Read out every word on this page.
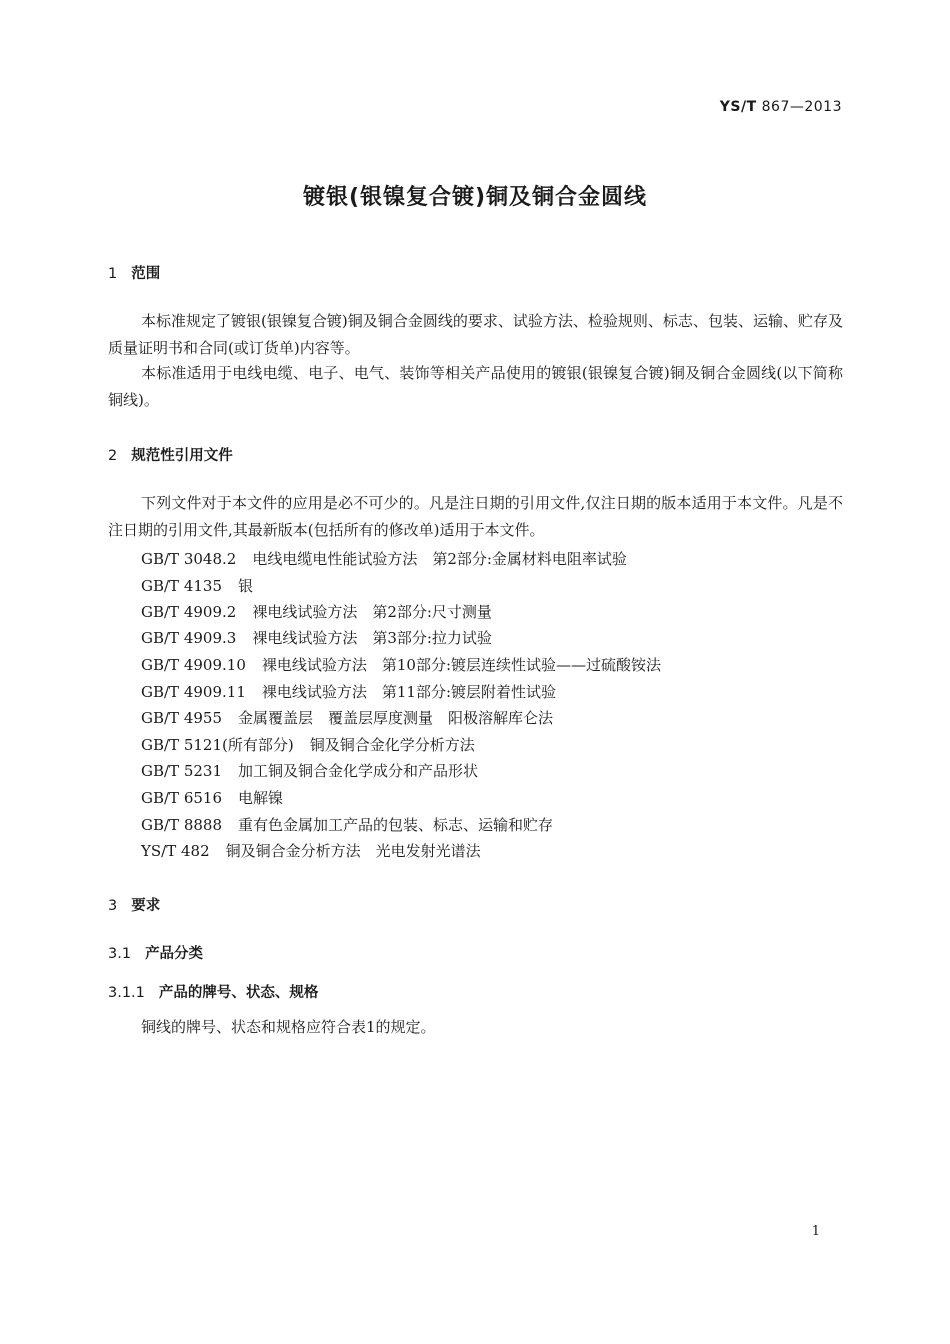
YS/T 867—2013
镀银(银镍复合镀)铜及铜合金圆线
1 范围

本标准规定了镀银(银镍复合镀)铜及铜合金圆线的要求、试验方法、检验规则、标志、包装、运输、贮存及质量证明书和合同(或订货单)内容等。

本标准适用于电线电缆、电子、电气、装饰等相关产品使用的镀银(银镍复合镀)铜及铜合金圆线(以下简称铜线)。

2 规范性引用文件

下列文件对于本文件的应用是必不可少的。凡是注日期的引用文件,仅注日期的版本适用于本文件。凡是不注日期的引用文件,其最新版本(包括所有的修改单)适用于本文件。

GB/T 3048.2 电线电缆电性能试验方法　第2部分:金属材料电阻率试验
GB/T 4135 银
GB/T 4909.2 裸电线试验方法　第2部分:尺寸测量
GB/T 4909.3 裸电线试验方法　第3部分:拉力试验
GB/T 4909.10 裸电线试验方法　第10部分:镀层连续性试验——过硫酸铵法
GB/T 4909.11 裸电线试验方法　第11部分:镀层附着性试验
GB/T 4955 金属覆盖层　覆盖层厚度测量　阳极溶解库仑法
GB/T 5121(所有部分) 铜及铜合金化学分析方法
GB/T 5231 加工铜及铜合金化学成分和产品形状
GB/T 6516 电解镍
GB/T 8888 重有色金属加工产品的包装、标志、运输和贮存
YS/T 482 铜及铜合金分析方法　光电发射光谱法
3 要求
3.1 产品分类
3.1.1 产品的牌号、状态、规格

铜线的牌号、状态和规格应符合表1的规定。

1
